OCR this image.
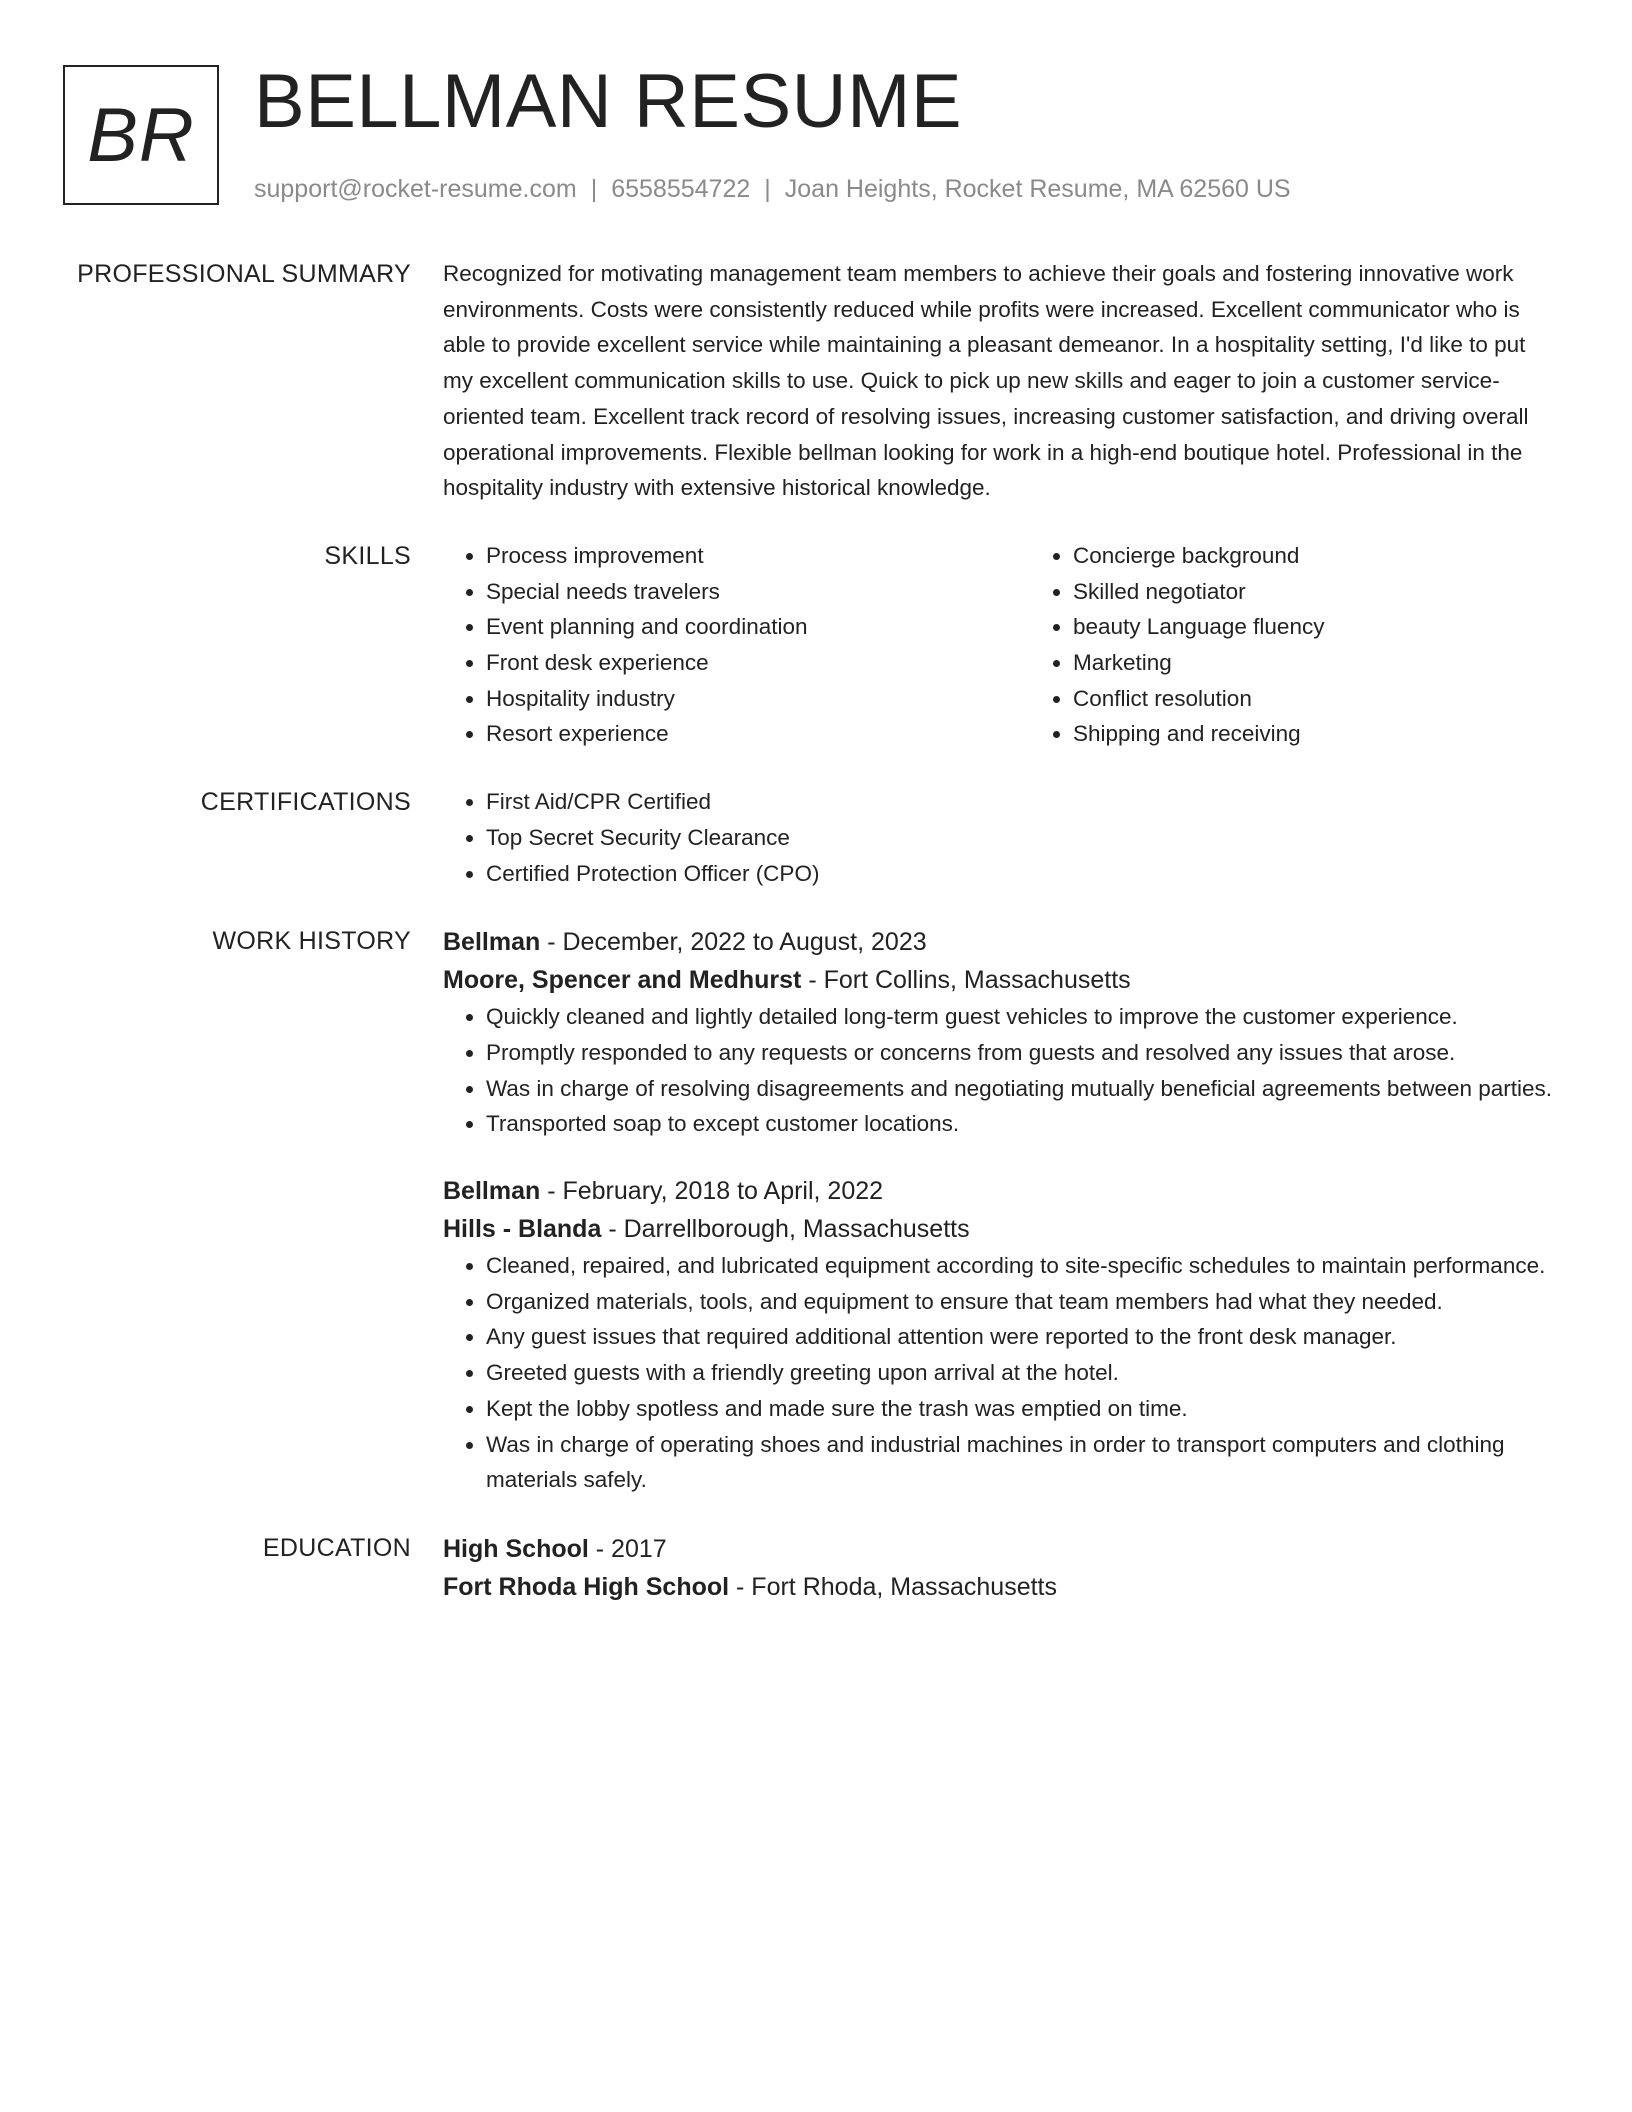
BR BELLMAN RESUME
support@rocket-resume.com | 6558554722 | Joan Heights, Rocket Resume, MA 62560 US
PROFESSIONAL SUMMARY Recognized for motivating management team members to achieve their goals and fostering innovative work environments. Costs were consistently reduced while profits were increased. Excellent communicator who is able to provide excellent service while maintaining a pleasant demeanor. In a hospitality setting, I'd like to put my excellent communication skills to use. Quick to pick up new skills and eager to join a customer service-oriented team. Excellent track record of resolving issues, increasing customer satisfaction, and driving overall operational improvements. Flexible bellman looking for work in a high-end boutique hotel. Professional in the hospitality industry with extensive historical knowledge.

SKILLS	• Process improvement
• Special needs travelers
• Event planning and coordination
• Front desk experience
• Hospitality industry
• Resort experience
• Concierge background
• Skilled negotiator
• beauty Language fluency
• Marketing
• Conflict resolution
• Shipping and receiving
CERTIFICATIONS	• First Aid/CPR Certified
• Top Secret Security Clearance
• Certified Protection Officer (CPO)
WORK HISTORY Bellman - December, 2022 to August, 2023
Moore, Spencer and Medhurst - Fort Collins, Massachusetts
• Quickly cleaned and lightly detailed long-term guest vehicles to improve the customer experience.
• Promptly responded to any requests or concerns from guests and resolved any issues that arose.
• Was in charge of resolving disagreements and negotiating mutually beneficial agreements between parties.
• Transported soap to except customer locations.
Bellman - February, 2018 to April, 2022
Hills - Blanda - Darrellborough, Massachusetts
• Cleaned, repaired, and lubricated equipment according to site-specific schedules to maintain performance.
• Organized materials, tools, and equipment to ensure that team members had what they needed.
• Any guest issues that required additional attention were reported to the front desk manager.
• Greeted guests with a friendly greeting upon arrival at the hotel.
• Kept the lobby spotless and made sure the trash was emptied on time.
• Was in charge of operating shoes and industrial machines in order to transport computers and clothing materials safely.
EDUCATION High School - 2017
Fort Rhoda High School - Fort Rhoda, Massachusetts
